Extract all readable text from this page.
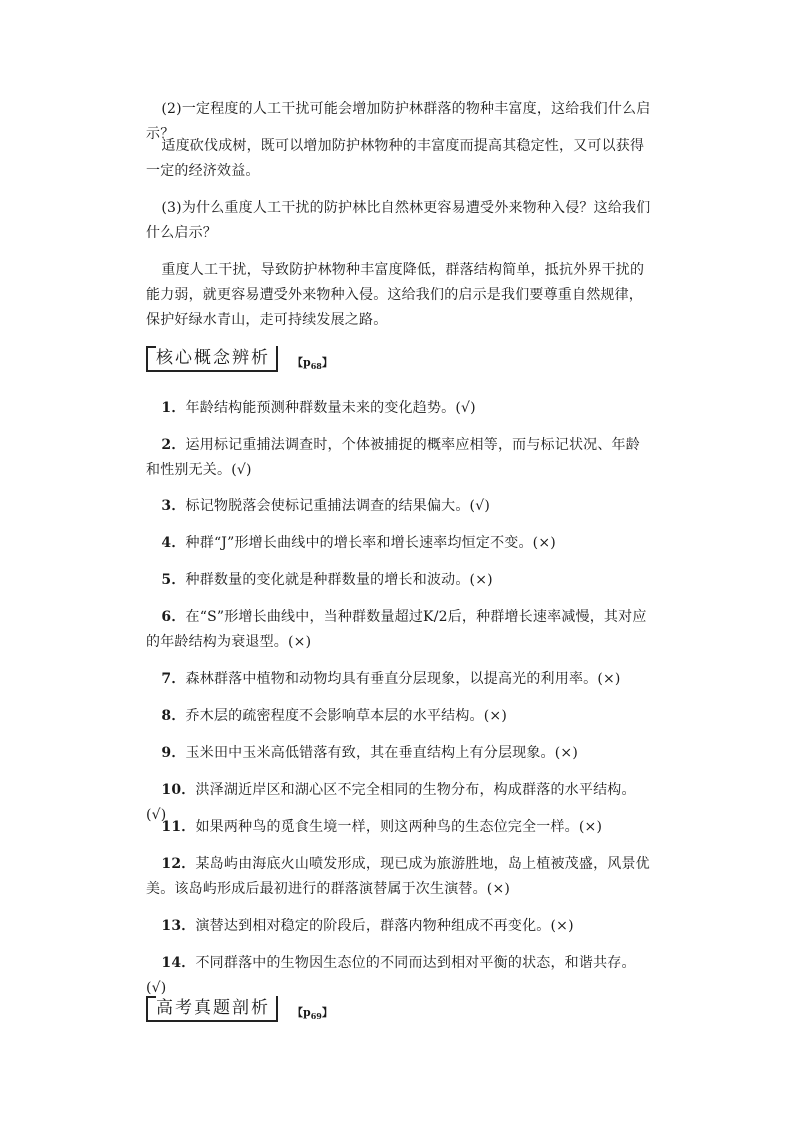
(2)一定程度的人工干扰可能会增加防护林群落的物种丰富度，这给我们什么启示？

适度砍伐成树，既可以增加防护林物种的丰富度而提高其稳定性，又可以获得一定的经济效益。

(3)为什么重度人工干扰的防护林比自然林更容易遭受外来物种入侵？这给我们什么启示？

重度人工干扰，导致防护林物种丰富度降低，群落结构简单，抵抗外界干扰的能力弱，就更容易遭受外来物种入侵。这给我们的启示是我们要尊重自然规律，保护好绿水青山，走可持续发展之路。

核心概念辨析	【$p_{68}$】

1．年龄结构能预测种群数量未来的变化趋势。(√)

2．运用标记重捕法调查时，个体被捕捉的概率应相等，而与标记状况、年龄和性别无关。(√)

3．标记物脱落会使标记重捕法调查的结果偏大。(√)

4．种群“J”形增长曲线中的增长率和增长速率均恒定不变。(×)

5．种群数量的变化就是种群数量的增长和波动。(×)

6．在“S”形增长曲线中，当种群数量超过K/2后，种群增长速率减慢，其对应的年龄结构为衰退型。(×)

7．森林群落中植物和动物均具有垂直分层现象，以提高光的利用率。(×)

8．乔木层的疏密程度不会影响草本层的水平结构。(×)

9．玉米田中玉米高低错落有致，其在垂直结构上有分层现象。(×)

10．洪泽湖近岸区和湖心区不完全相同的生物分布，构成群落的水平结构。(√)

11．如果两种鸟的觅食生境一样，则这两种鸟的生态位完全一样。(×)

12．某岛屿由海底火山喷发形成，现已成为旅游胜地，岛上植被茂盛，风景优美。该岛屿形成后最初进行的群落演替属于次生演替。(×)

13．演替达到相对稳定的阶段后，群落内物种组成不再变化。(×)

14．不同群落中的生物因生态位的不同而达到相对平衡的状态，和谐共存。(√)

高考真题剖析	【$p_{69}$】
